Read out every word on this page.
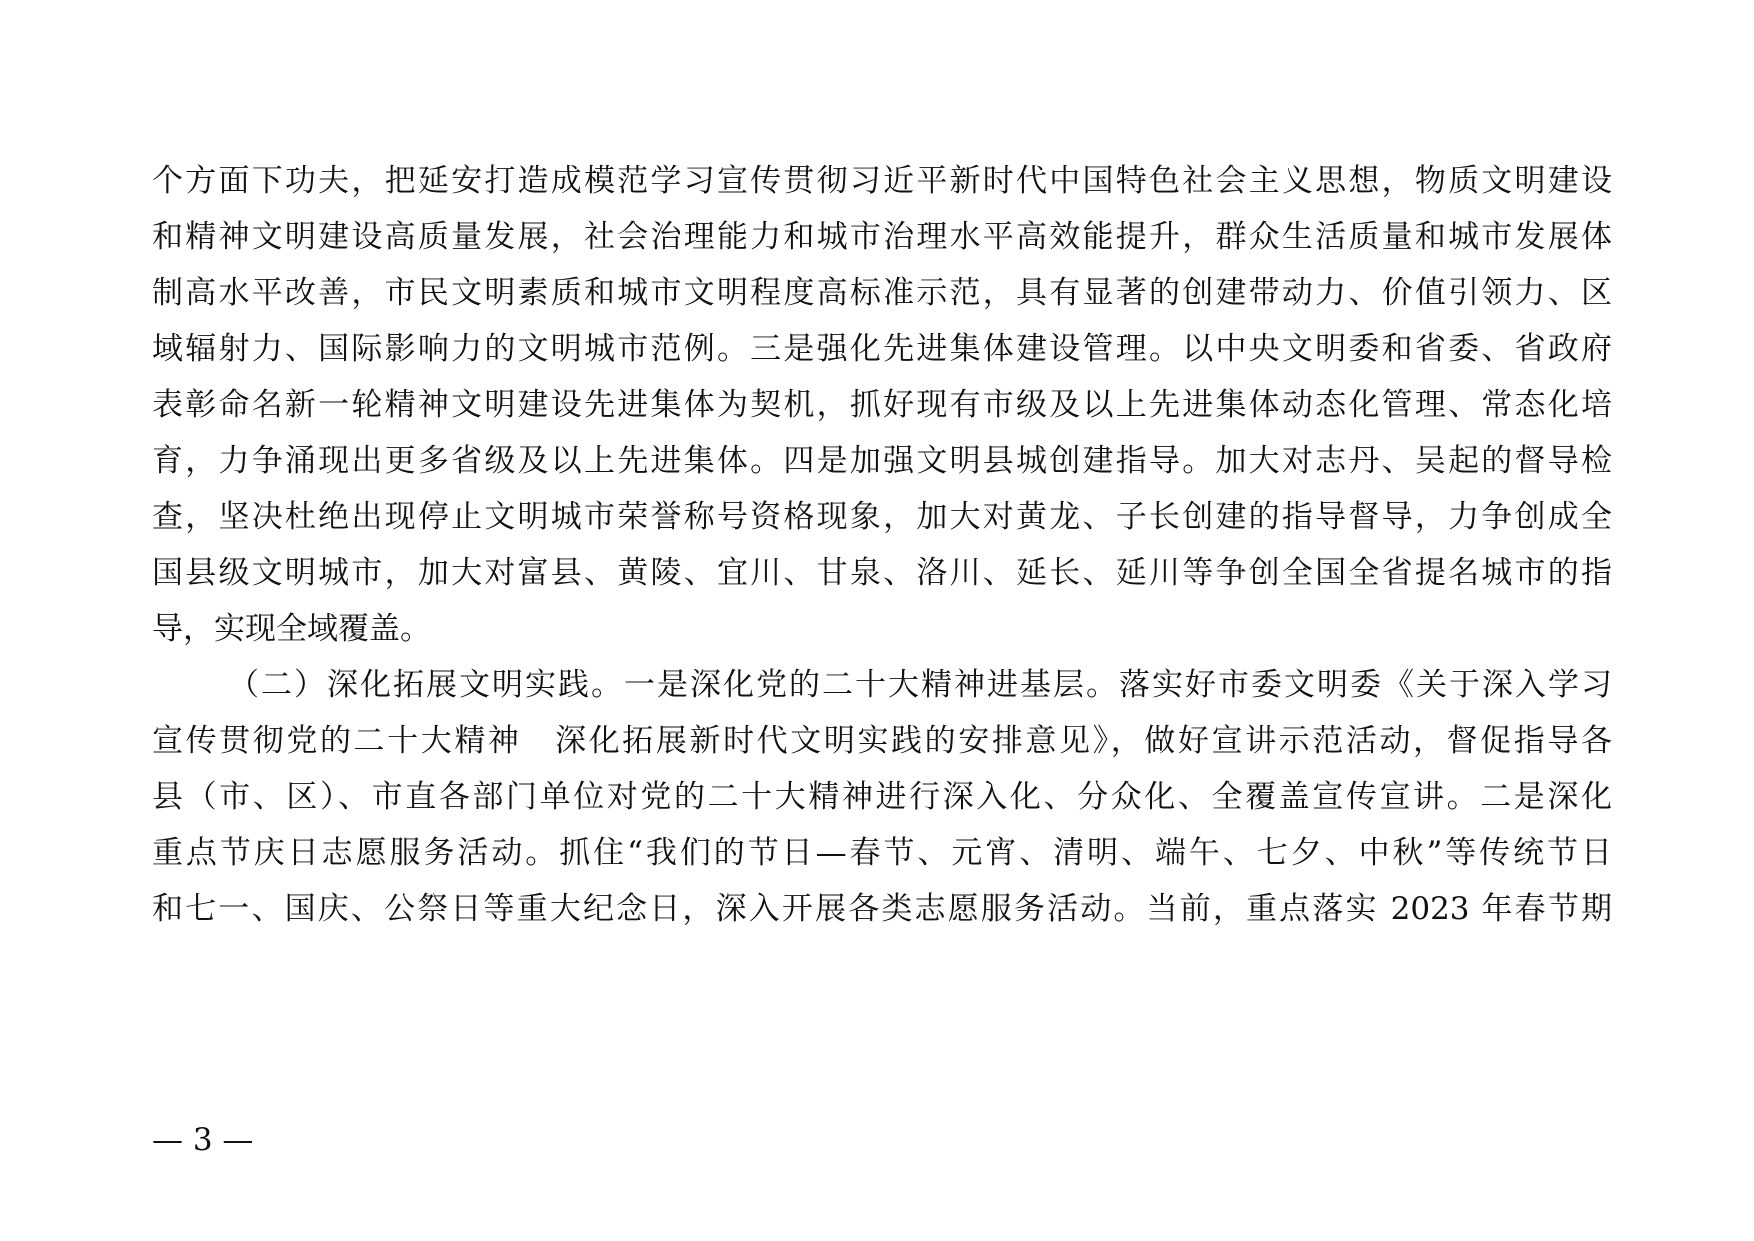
个方面下功夫，把延安打造成模范学习宣传贯彻习近平新时代中国特色社会主义思想，物质文明建设
和精神文明建设高质量发展，社会治理能力和城市治理水平高效能提升，群众生活质量和城市发展体
制高水平改善，市民文明素质和城市文明程度高标准示范，具有显著的创建带动力、价值引领力、区
域辐射力、国际影响力的文明城市范例。三是强化先进集体建设管理。以中央文明委和省委、省政府
表彰命名新一轮精神文明建设先进集体为契机，抓好现有市级及以上先进集体动态化管理、常态化培
育，力争涌现出更多省级及以上先进集体。四是加强文明县城创建指导。加大对志丹、吴起的督导检
查，坚决杜绝出现停止文明城市荣誉称号资格现象，加大对黄龙、子长创建的指导督导，力争创成全
国县级文明城市，加大对富县、黄陵、宜川、甘泉、洛川、延长、延川等争创全国全省提名城市的指
导，实现全域覆盖。
（二）深化拓展文明实践。一是深化党的二十大精神进基层。落实好市委文明委《关于深入学习
宣传贯彻党的二十大精神　深化拓展新时代文明实践的安排意见》，做好宣讲示范活动，督促指导各
县（市、区）、市直各部门单位对党的二十大精神进行深入化、分众化、全覆盖宣传宣讲。二是深化
重点节庆日志愿服务活动。抓住“我们的节日—春节、元宵、清明、端午、七夕、中秋”等传统节日
和七一、国庆、公祭日等重大纪念日，深入开展各类志愿服务活动。当前，重点落实 2023 年春节期
— 3 —
